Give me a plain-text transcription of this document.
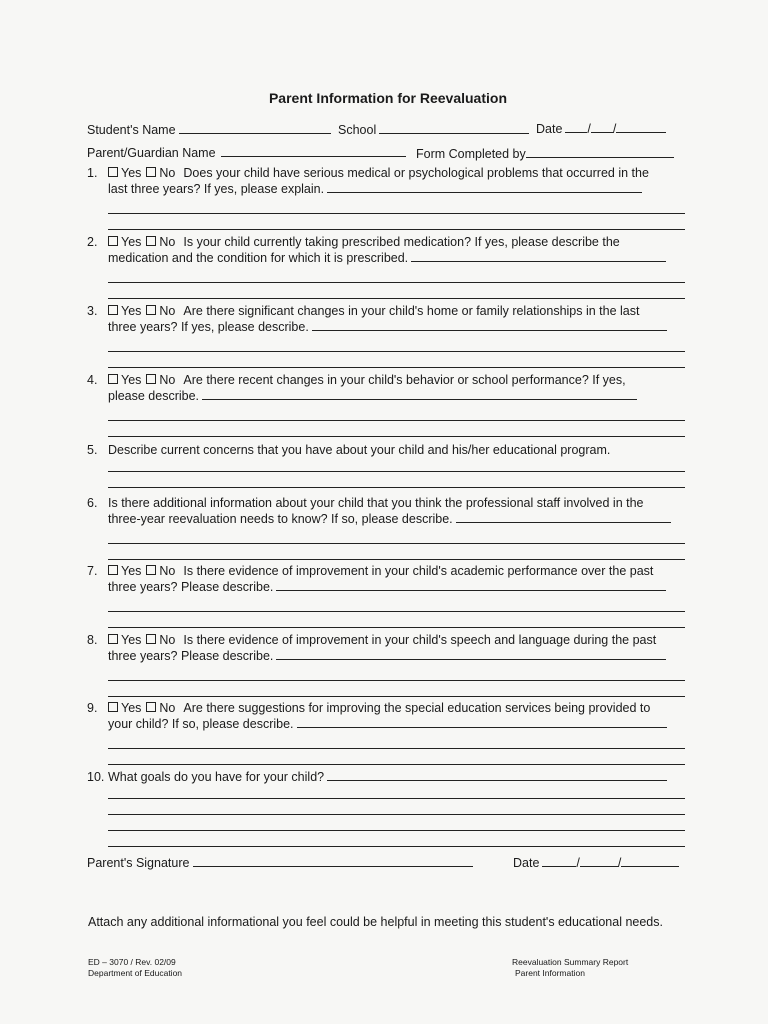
Parent Information for Reevaluation
Student's Name	School	Date / /
Parent/Guardian Name	Form Completed by
1. Yes No Does your child have serious medical or psychological problems that occurred in the
last three years? If yes, please explain.
2. Yes No Is your child currently taking prescribed medication? If yes, please describe the
medication and the condition for which it is prescribed.
3. Yes No Are there significant changes in your child's home or family relationships in the last
three years? If yes, please describe.
4. Yes No Are there recent changes in your child's behavior or school performance? If yes,
please describe.
5. Describe current concerns that you have about your child and his/her educational program.
6. Is there additional information about your child that you think the professional staff involved in the
three-year reevaluation needs to know? If so, please describe.
7. Yes No Is there evidence of improvement in your child's academic performance over the past
three years? Please describe.
8. Yes No Is there evidence of improvement in your child's speech and language during the past
three years? Please describe.
9. Yes No Are there suggestions for improving the special education services being provided to
your child? If so, please describe.
10. What goals do you have for your child?
Parent's Signature	Date	/	/
Attach any additional informational you feel could be helpful in meeting this student's educational needs.
ED – 3070 / Rev. 02/09
Department of Education
Reevaluation Summary Report
Parent Information
